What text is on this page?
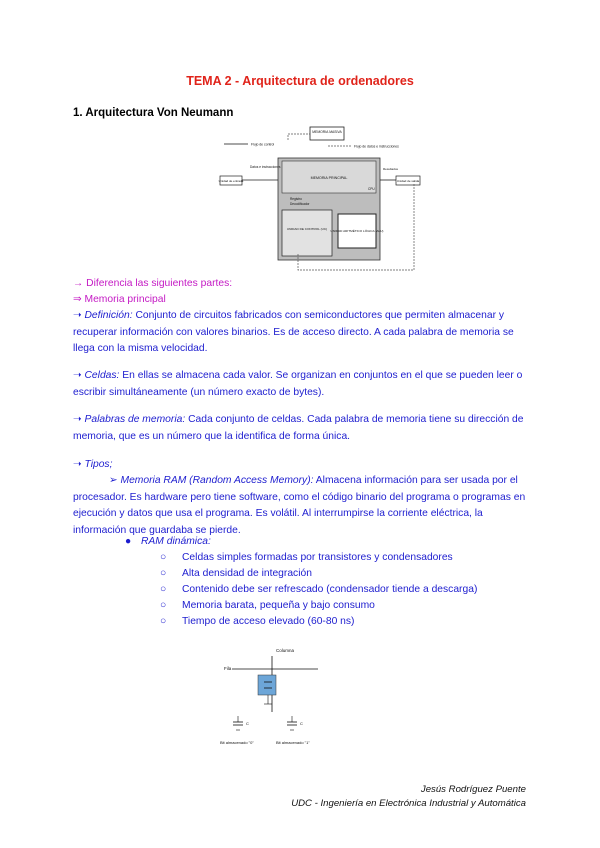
TEMA 2 - Arquitectura de ordenadores
1. Arquitectura Von Neumann
MEMORIA MASIVA
Flujo de control	Flujo de datos e instrucciones
MEMORIA PRINCIPAL
Unidad de entrada
Datos e instrucciones
Unidad de salida
Resultados
Registro
Decodificador
UNIDAD DE CONTROL (UC) UNIDAD ARITMÉTICO LÓGICA (ALU)
CPU
→ Diferencia las siguientes partes:
⇒ Memoria principal
➝ Definición: Conjunto de circuitos fabricados con semiconductores que permiten almacenar y recuperar información con valores binarios. Es de acceso directo. A cada palabra de memoria se llega con la misma velocidad.
➝ Celdas: En ellas se almacena cada valor. Se organizan en conjuntos en el que se pueden leer o escribir simultáneamente (un número exacto de bytes).
➝ Palabras de memoria: Cada conjunto de celdas. Cada palabra de memoria tiene su dirección de memoria, que es un número que la identifica de forma única.
➝ Tipos;
➢ Memoria RAM (Random Access Memory): Almacena información para ser usada por el procesador. Es hardware pero tiene software, como el código binario del programa o programas en ejecución y datos que usa el programa. Es volátil. Al interrumpirse la corriente eléctrica, la información que guardaba se pierde.
● RAM dinámica:
○ Celdas simples formadas por transistores y condensadores
○ Alta densidad de integración
○ Contenido debe ser refrescado (condensador tiende a descarga)
○ Memoria barata, pequeña y bajo consumo
○ Tiempo de acceso elevado (60-80 ns)
Columna
Fila
C	C
Bit almacenado "0"	Bit almacenado "1"
Jesús Rodríguez Puente
UDC - Ingeniería en Electrónica Industrial y Automática
